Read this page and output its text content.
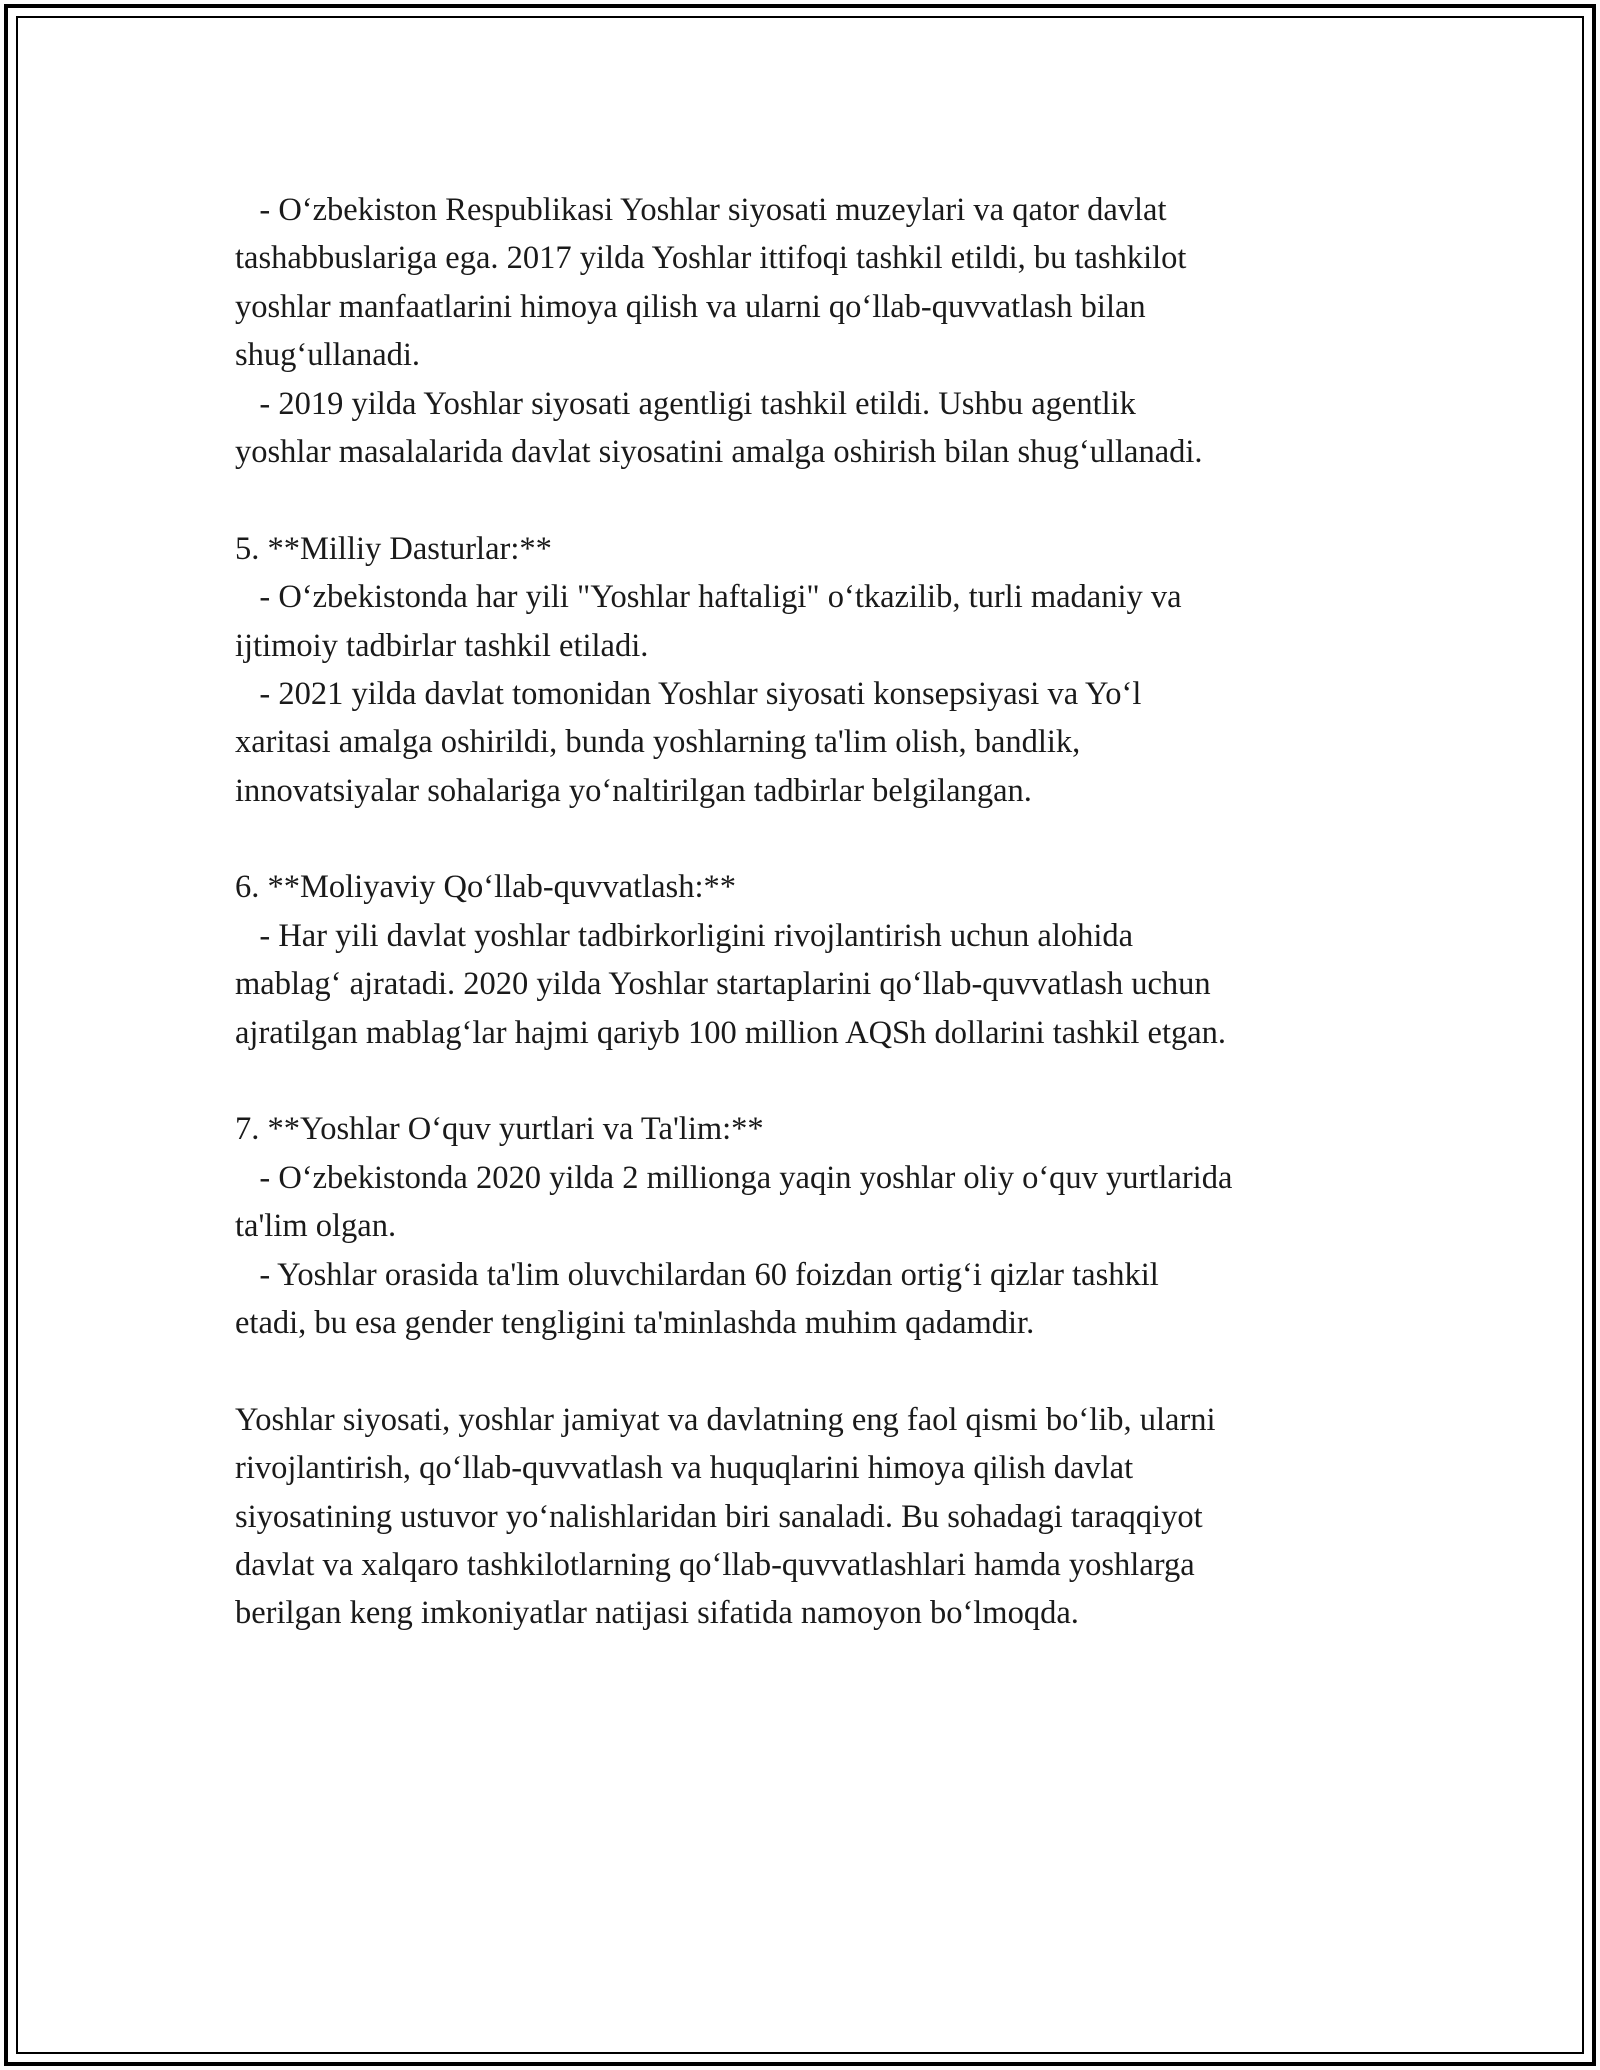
- O‘zbekiston Respublikasi Yoshlar siyosati muzeylari va qator davlat
tashabbuslariga ega. 2017 yilda Yoshlar ittifoqi tashkil etildi, bu tashkilot
yoshlar manfaatlarini himoya qilish va ularni qo‘llab-quvvatlash bilan
shug‘ullanadi.
- 2019 yilda Yoshlar siyosati agentligi tashkil etildi. Ushbu agentlik
yoshlar masalalarida davlat siyosatini amalga oshirish bilan shug‘ullanadi.
5. **Milliy Dasturlar:**
- O‘zbekistonda har yili "Yoshlar haftaligi" o‘tkazilib, turli madaniy va
ijtimoiy tadbirlar tashkil etiladi.
- 2021 yilda davlat tomonidan Yoshlar siyosati konsepsiyasi va Yo‘l
xaritasi amalga oshirildi, bunda yoshlarning ta'lim olish, bandlik,
innovatsiyalar sohalariga yo‘naltirilgan tadbirlar belgilangan.
6. **Moliyaviy Qo‘llab-quvvatlash:**
- Har yili davlat yoshlar tadbirkorligini rivojlantirish uchun alohida
mablag‘ ajratadi. 2020 yilda Yoshlar startaplarini qo‘llab-quvvatlash uchun
ajratilgan mablag‘lar hajmi qariyb 100 million AQSh dollarini tashkil etgan.
7. **Yoshlar O‘quv yurtlari va Ta'lim:**
- O‘zbekistonda 2020 yilda 2 millionga yaqin yoshlar oliy o‘quv yurtlarida
ta'lim olgan.
- Yoshlar orasida ta'lim oluvchilardan 60 foizdan ortig‘i qizlar tashkil
etadi, bu esa gender tengligini ta'minlashda muhim qadamdir.
Yoshlar siyosati, yoshlar jamiyat va davlatning eng faol qismi bo‘lib, ularni
rivojlantirish, qo‘llab-quvvatlash va huquqlarini himoya qilish davlat
siyosatining ustuvor yo‘nalishlaridan biri sanaladi. Bu sohadagi taraqqiyot
davlat va xalqaro tashkilotlarning qo‘llab-quvvatlashlari hamda yoshlarga
berilgan keng imkoniyatlar natijasi sifatida namoyon bo‘lmoqda.
